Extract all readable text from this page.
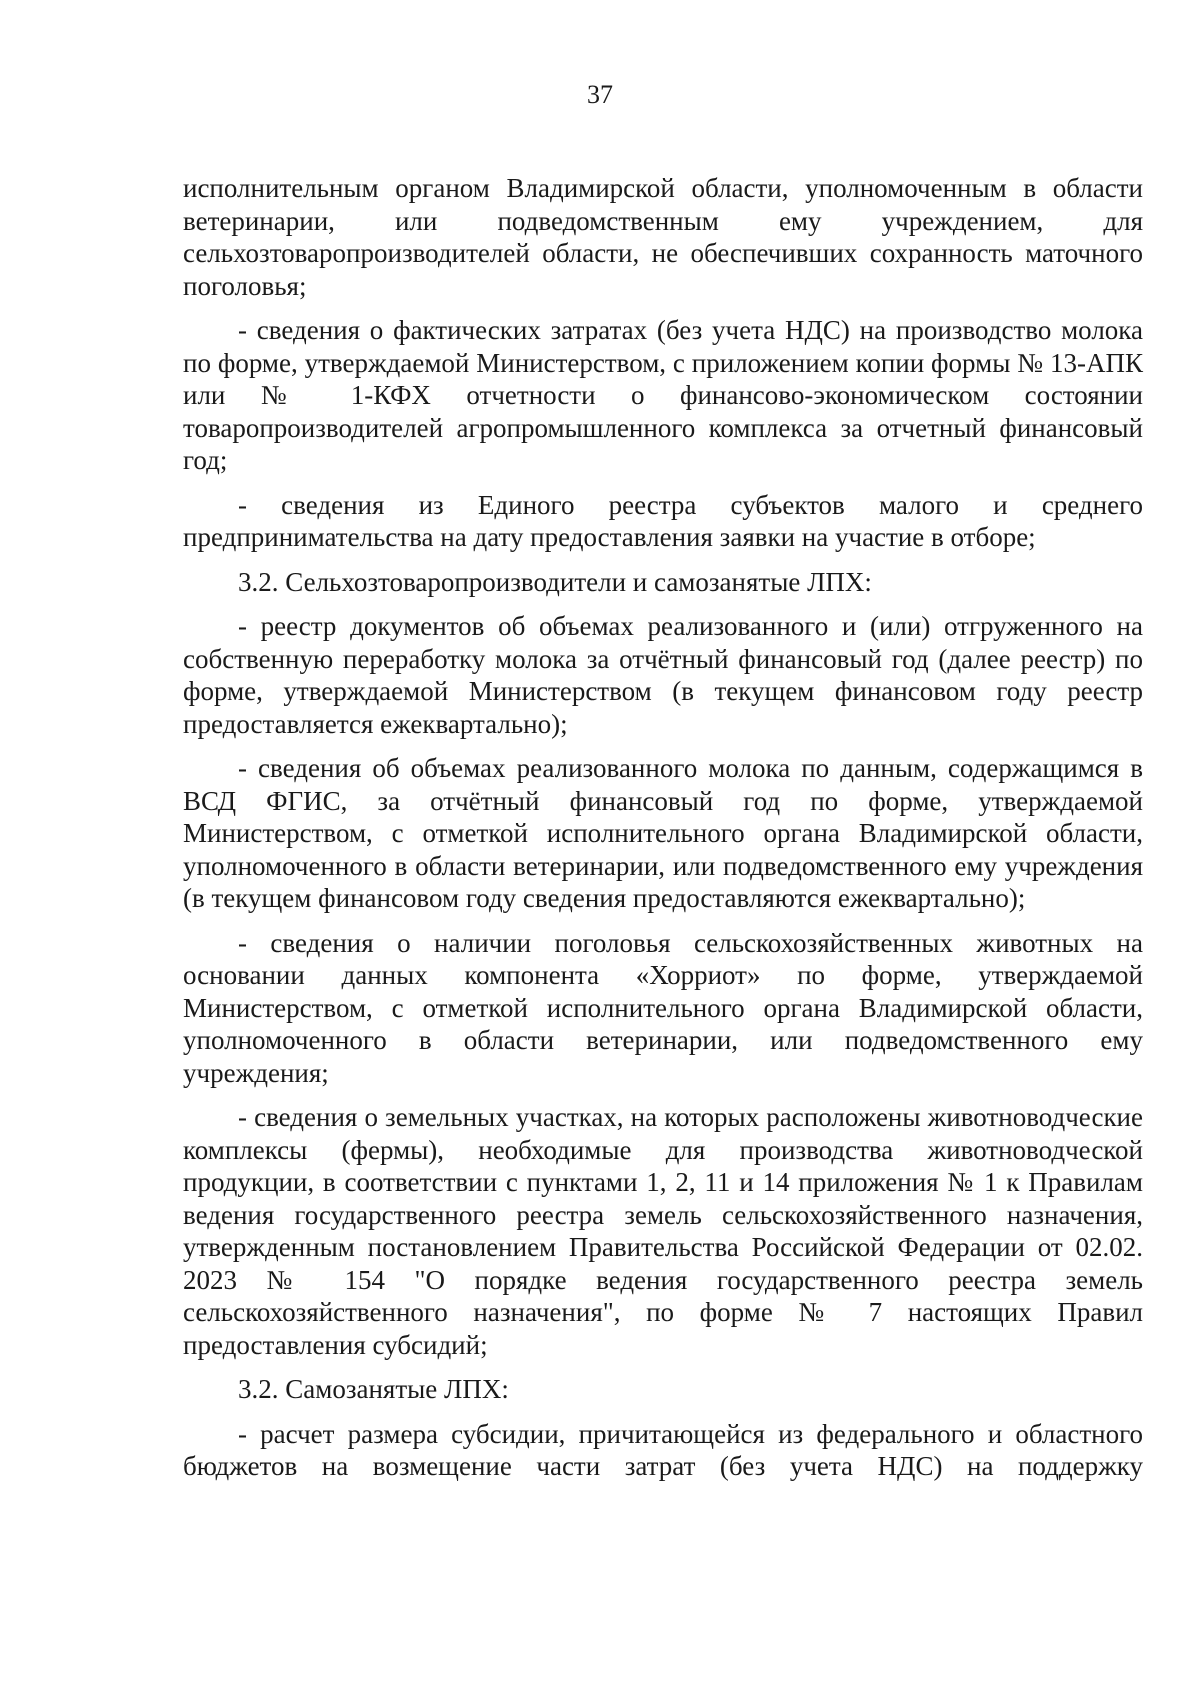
37

исполнительным органом Владимирской области, уполномоченным в области ветеринарии, или подведомственным ему учреждением, для сельхозтоваропроизводителей области, не обеспечивших сохранность маточного поголовья;

- сведения о фактических затратах (без учета НДС) на производство молока по форме, утверждаемой Министерством, с приложением копии формы № 13-АПК или № 1-КФХ отчетности о финансово-экономическом состоянии товаропроизводителей агропромышленного комплекса за отчетный финансовый год;

- сведения из Единого реестра субъектов малого и среднего предпринимательства на дату предоставления заявки на участие в отборе;

3.2. Сельхозтоваропроизводители и самозанятые ЛПХ:

- реестр документов об объемах реализованного и (или) отгруженного на собственную переработку молока за отчётный финансовый год (далее реестр) по форме, утверждаемой Министерством (в текущем финансовом году реестр предоставляется ежеквартально);

- сведения об объемах реализованного молока по данным, содержащимся в ВСД ФГИС, за отчётный финансовый год по форме, утверждаемой Министерством, с отметкой исполнительного органа Владимирской области, уполномоченного в области ветеринарии, или подведомственного ему учреждения (в текущем финансовом году сведения предоставляются ежеквартально);

- сведения о наличии поголовья сельскохозяйственных животных на основании данных компонента «Хорриот» по форме, утверждаемой Министерством, с отметкой исполнительного органа Владимирской области, уполномоченного в области ветеринарии, или подведомственного ему учреждения;

- сведения о земельных участках, на которых расположены животноводческие комплексы (фермы), необходимые для производства животноводческой продукции, в соответствии с пунктами 1, 2, 11 и 14 приложения № 1 к Правилам ведения государственного реестра земель сельскохозяйственного назначения, утвержденным постановлением Правительства Российской Федерации от 02.02. 2023 № 154 "О порядке ведения государственного реестра земель сельскохозяйственного назначения", по форме № 7 настоящих Правил предоставления субсидий;

3.2. Самозанятые ЛПХ:

- расчет размера субсидии, причитающейся из федерального и областного бюджетов на возмещение части затрат (без учета НДС) на поддержку
